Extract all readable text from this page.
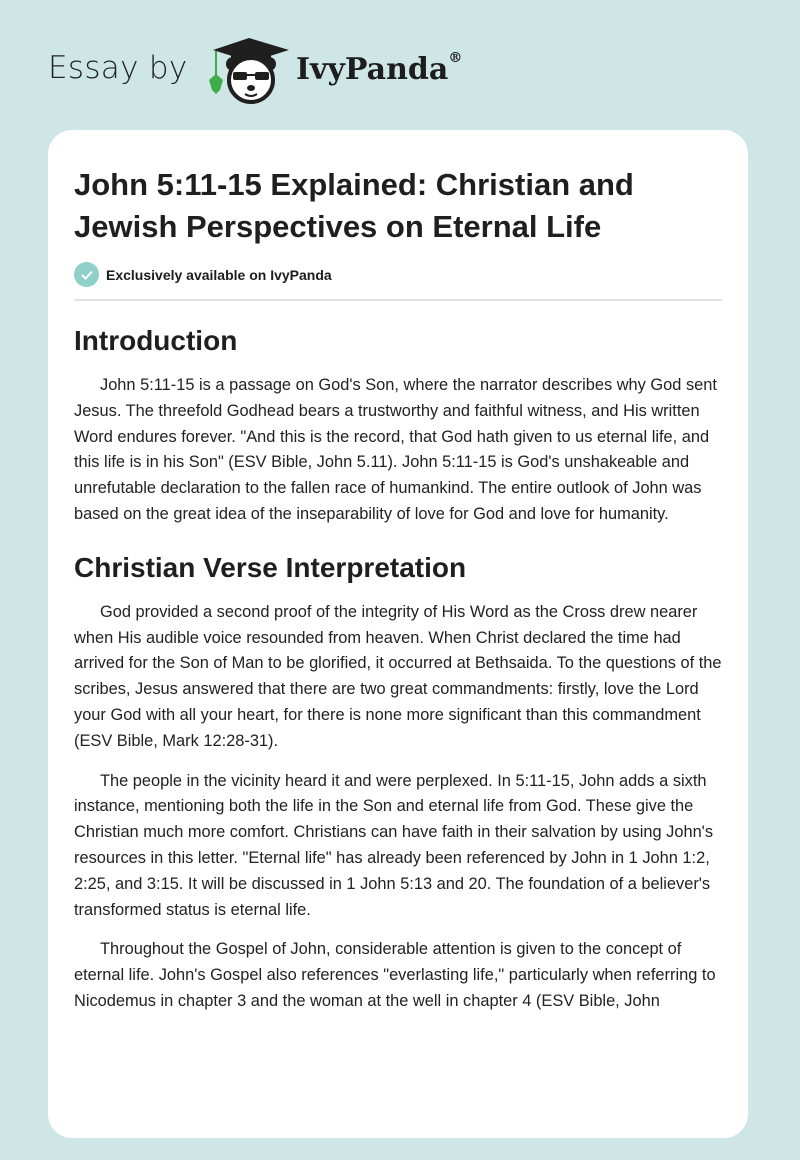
Essay by	IvyPanda®
John 5:11-15 Explained: Christian and Jewish Perspectives on Eternal Life
Exclusively available on IvyPanda
Introduction

John 5:11-15 is a passage on God's Son, where the narrator describes why God sent Jesus. The threefold Godhead bears a trustworthy and faithful witness, and His written Word endures forever. "And this is the record, that God hath given to us eternal life, and this life is in his Son" (ESV Bible, John 5.11). John 5:11-15 is God's unshakeable and unrefutable declaration to the fallen race of humankind. The entire outlook of John was based on the great idea of the inseparability of love for God and love for humanity.

Christian Verse Interpretation

God provided a second proof of the integrity of His Word as the Cross drew nearer when His audible voice resounded from heaven. When Christ declared the time had arrived for the Son of Man to be glorified, it occurred at Bethsaida. To the questions of the scribes, Jesus answered that there are two great commandments: firstly, love the Lord your God with all your heart, for there is none more significant than this commandment (ESV Bible, Mark 12:28-31).

The people in the vicinity heard it and were perplexed. In 5:11-15, John adds a sixth instance, mentioning both the life in the Son and eternal life from God. These give the Christian much more comfort. Christians can have faith in their salvation by using John's resources in this letter. "Eternal life" has already been referenced by John in 1 John 1:2, 2:25, and 3:15. It will be discussed in 1 John 5:13 and 20. The foundation of a believer's transformed status is eternal life.

Throughout the Gospel of John, considerable attention is given to the concept of eternal life. John's Gospel also references "everlasting life," particularly when referring to Nicodemus in chapter 3 and the woman at the well in chapter 4 (ESV Bible, John
